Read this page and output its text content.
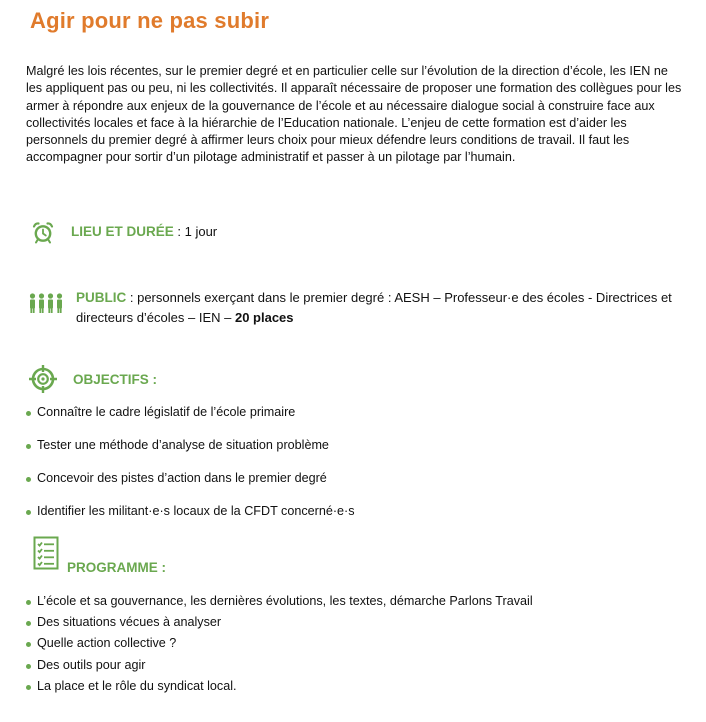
Agir pour ne pas subir

Malgré les lois récentes, sur le premier degré et en particulier celle sur l’évolution de la direction d’école, les IEN ne les appliquent pas ou peu, ni les collectivités. Il apparaît nécessaire de proposer une formation des collègues pour les armer à répondre aux enjeux de la gouvernance de l’école et au nécessaire dialogue social à construire face aux collectivités locales et face à la hiérarchie de l’Education nationale. L’enjeu de cette formation est d’aider les personnels du premier degré à affirmer leurs choix pour mieux défendre leurs conditions de travail. Il faut les accompagner pour sortir d’un pilotage administratif et passer à un pilotage par l’humain.

LIEU ET DURÉE : 1 jour
PUBLIC : personnels exerçant dans le premier degré : AESH – Professeur·e des écoles - Directrices et directeurs d’écoles – IEN – 20 places
OBJECTIFS :
Connaître le cadre législatif de l’école primaire
Tester une méthode d’analyse de situation problème
Concevoir des pistes d’action dans le premier degré
Identifier les militant·e·s locaux de la CFDT concerné·e·s
PROGRAMME :
L’école et sa gouvernance, les dernières évolutions, les textes, démarche Parlons Travail
Des situations vécues à analyser
Quelle action collective ?
Des outils pour agir
La place et le rôle du syndicat local.
